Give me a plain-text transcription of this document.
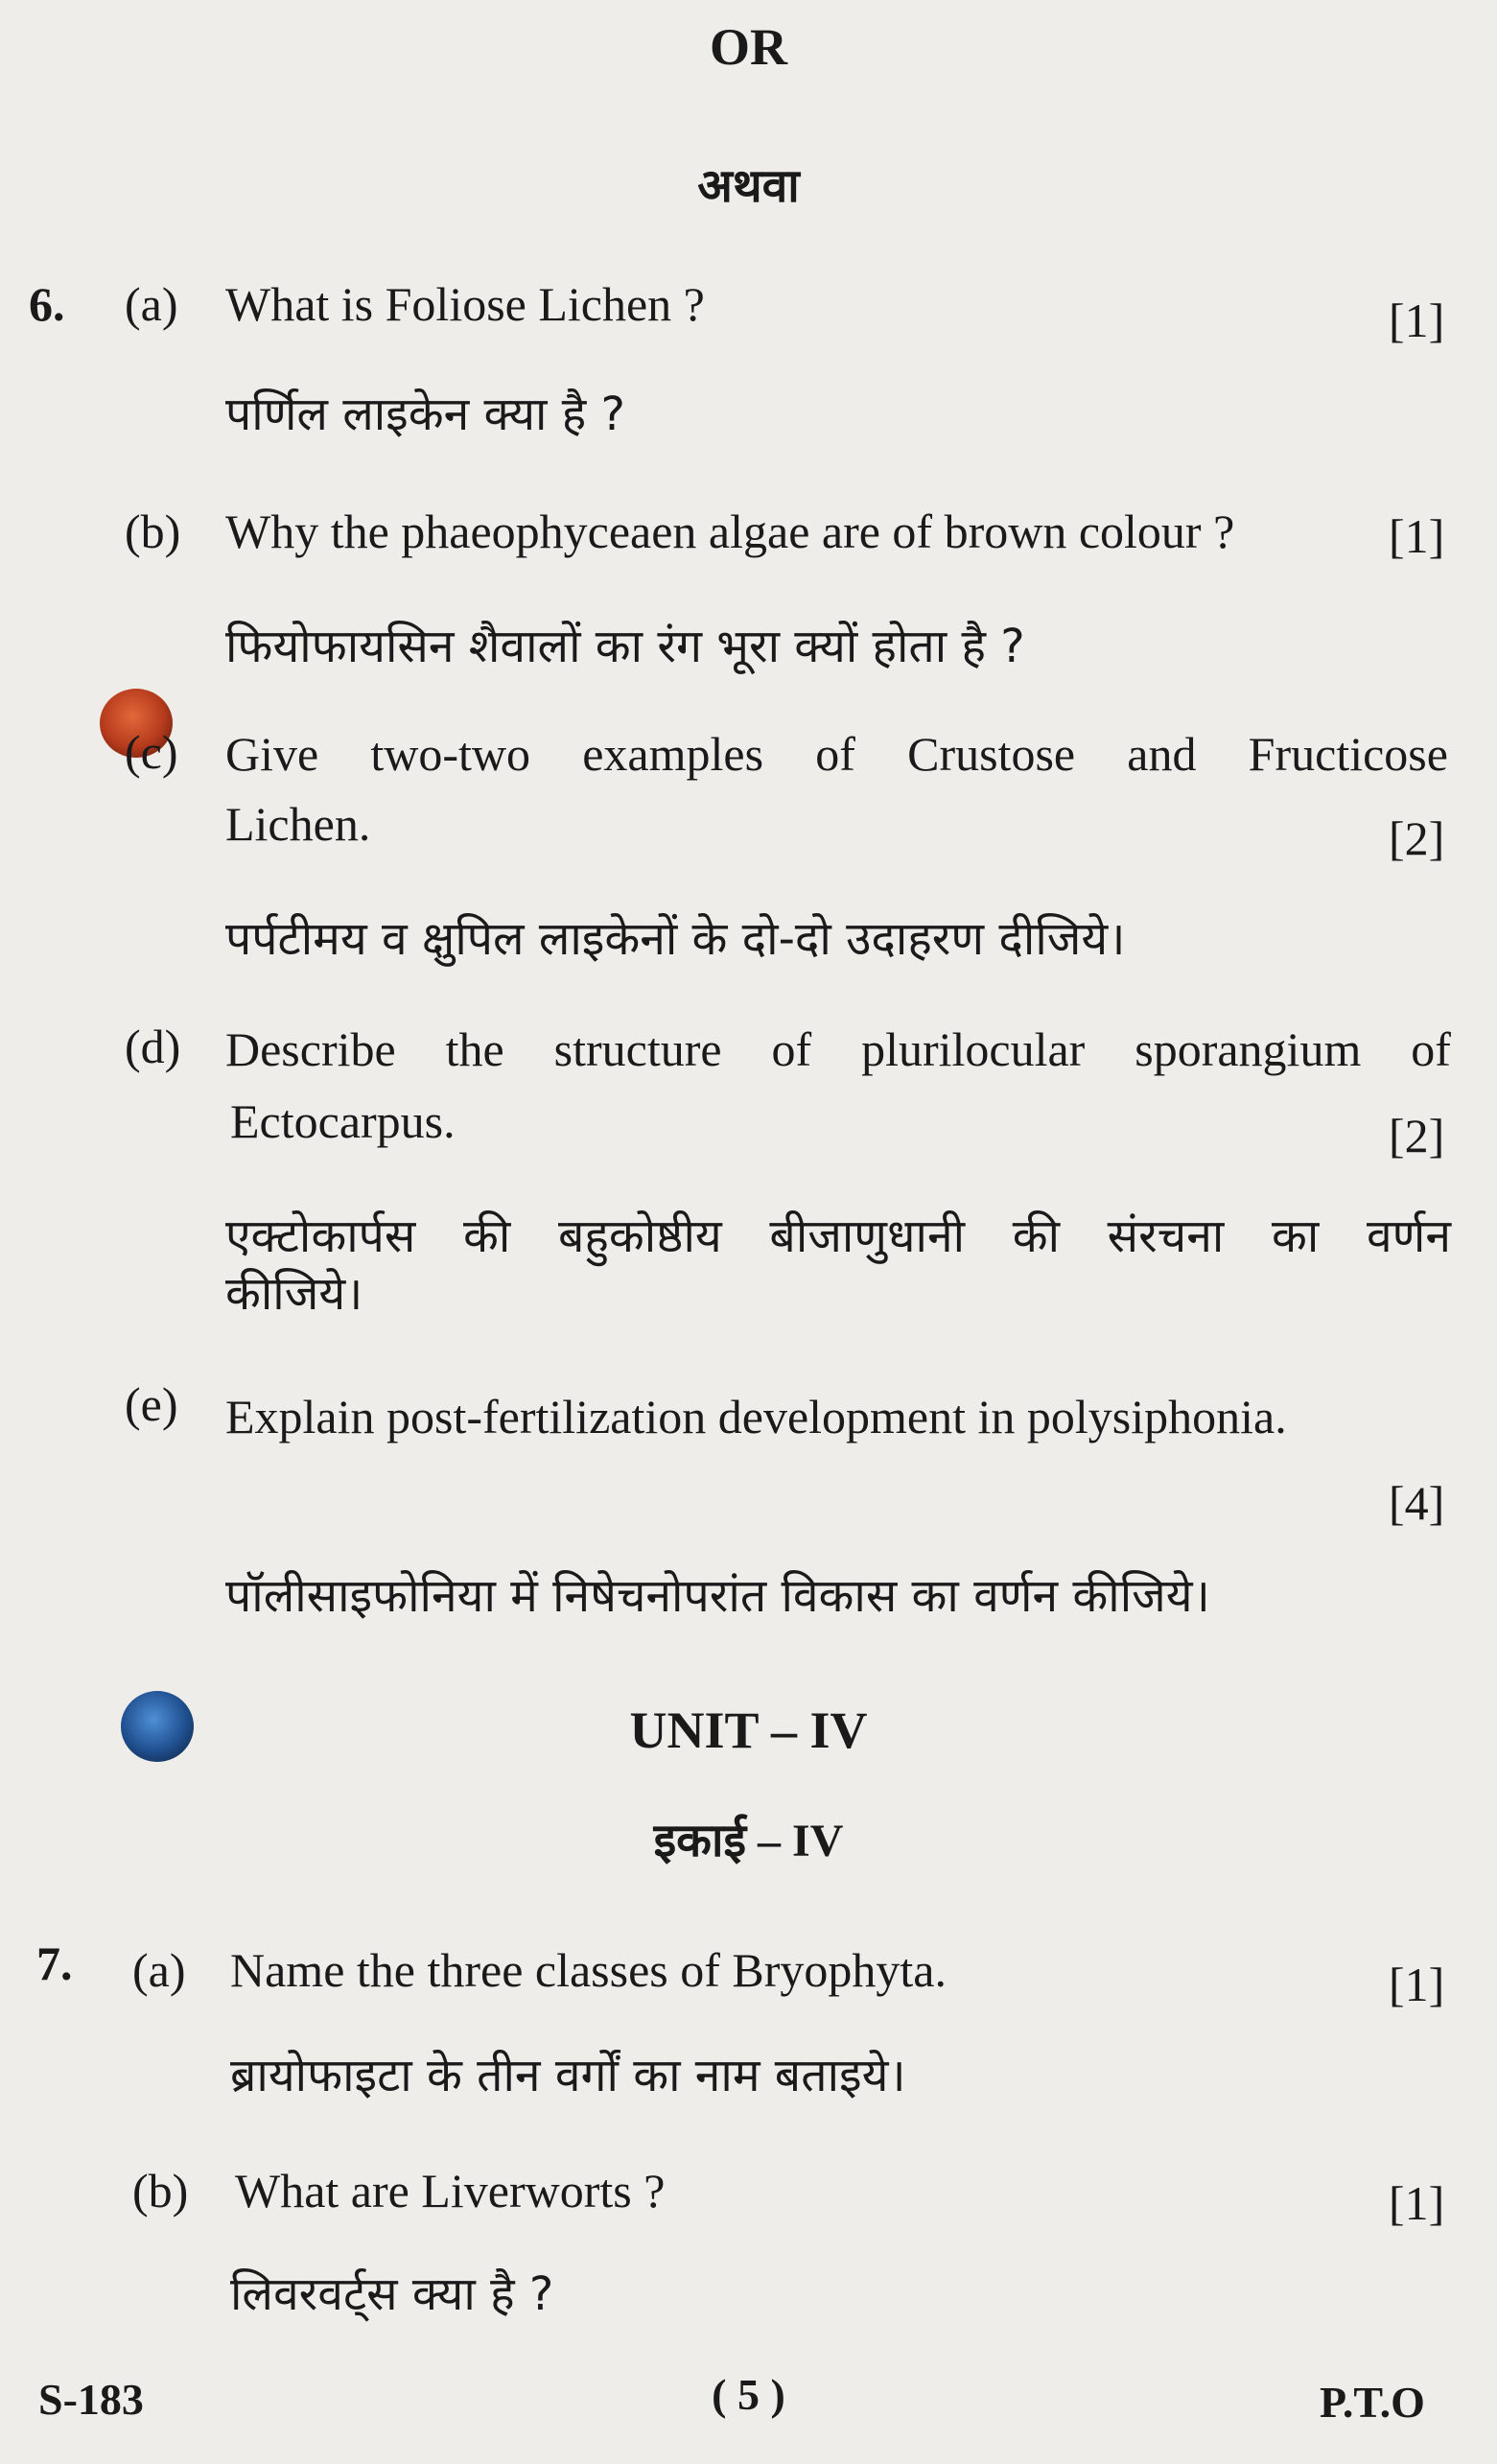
OR
अथवा
6. (a) What is Foliose Lichen ?	[1]
पर्णिल लाइकेन क्या है ?
(b) Why the phaeophyceaen algae are of brown colour ?	[1]
फियोफायसिन शैवालों का रंग भूरा क्यों होता है ?
(c) Give two-two examples of Crustose and Fructicose
Lichen.	[2]
पर्पटीमय व क्षुपिल लाइकेनों के दो-दो उदाहरण दीजिये।
(d) Describe the structure of plurilocular sporangium of
Ectocarpus.	[2]
एक्टोकार्पस की बहुकोष्ठीय बीजाणुधानी की संरचना का वर्णन
कीजिये।
(e) Explain post-fertilization development in polysiphonia.
[4]
पॉलीसाइफोनिया में निषेचनोपरांत विकास का वर्णन कीजिये।
UNIT – IV
इकाई – IV
7. (a) Name the three classes of Bryophyta.	[1]
ब्रायोफाइटा के तीन वर्गों का नाम बताइये।
(b) What are Liverworts ?	[1]
लिवरवर्ट्स क्या है ?
S-183	( 5 )	P.T.O
